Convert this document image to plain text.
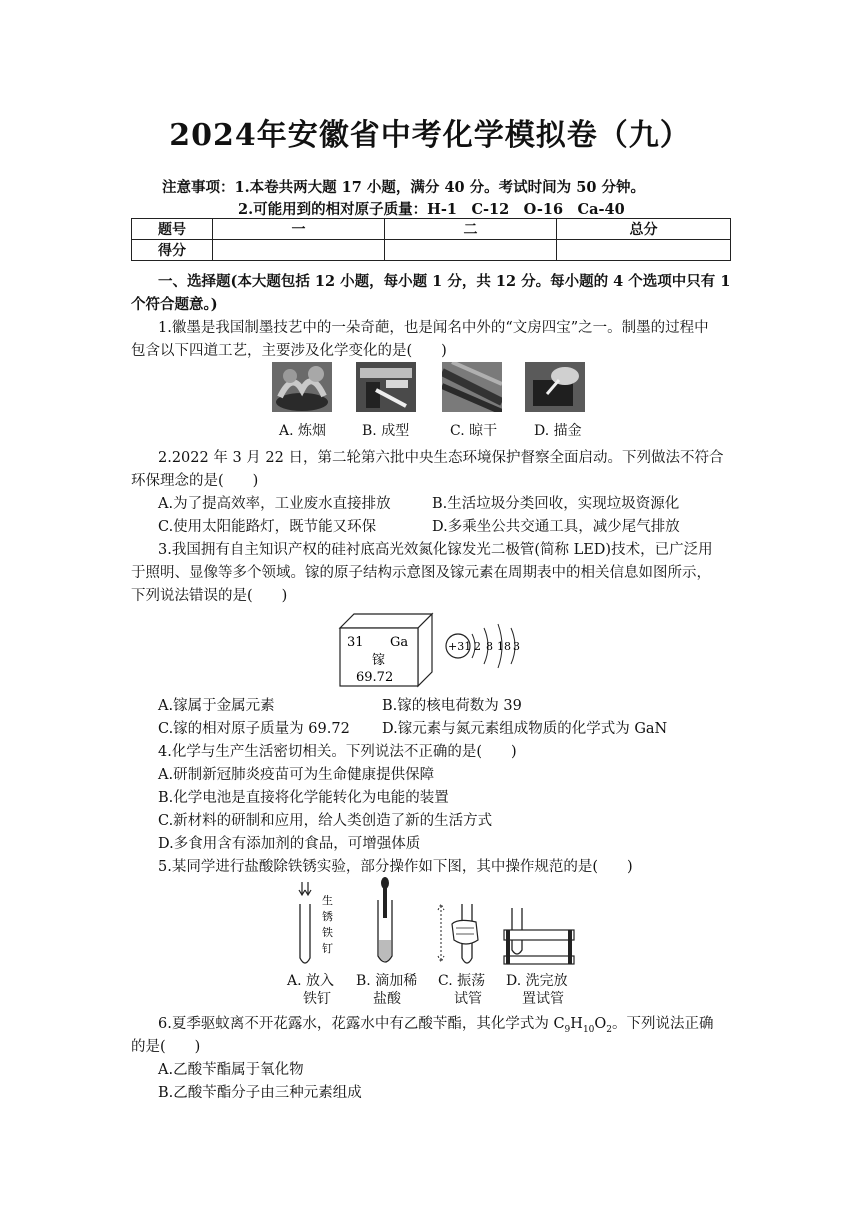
2024年安徽省中考化学模拟卷（九）
注意事项：1.本卷共两大题 17 小题，满分 40 分。考试时间为 50 分钟。
2.可能用到的相对原子质量：H-1　C-12　O-16　Ca-40
题号	一	二	总分
得分			
一、选择题(本大题包括 12 小题，每小题 1 分，共 12 分。每小题的 4 个选项中只有 1
个符合题意。)
1.徽墨是我国制墨技艺中的一朵奇葩，也是闻名中外的“文房四宝”之一。制墨的过程中
包含以下四道工艺，主要涉及化学变化的是(　　)
A. 炼烟	B. 成型	C. 晾干	D. 描金
2.2022 年 3 月 22 日，第二轮第六批中央生态环境保护督察全面启动。下列做法不符合
环保理念的是(　　)
A.为了提高效率，工业废水直接排放	B.生活垃圾分类回收，实现垃圾资源化
C.使用太阳能路灯，既节能又环保	D.多乘坐公共交通工具，减少尾气排放
3.我国拥有自主知识产权的硅衬底高光效氮化镓发光二极管(简称 LED)技术，已广泛用
于照明、显像等多个领域。镓的原子结构示意图及镓元素在周期表中的相关信息如图所示，
下列说法错误的是(　　)
31 Ga
镓
69.72
+31 2 8 18 3
A.镓属于金属元素	B.镓的核电荷数为 39
C.镓的相对原子质量为 69.72 D.镓元素与氮元素组成物质的化学式为 GaN
4.化学与生产生活密切相关。下列说法不正确的是(　　)
A.研制新冠肺炎疫苗可为生命健康提供保障
B.化学电池是直接将化学能转化为电能的装置
C.新材料的研制和应用，给人类创造了新的生活方式
D.多食用含有添加剂的食品，可增强体质
5.某同学进行盐酸除铁锈实验，部分操作如下图，其中操作规范的是(　　)
生
锈
铁
钉
A. 放入
铁钉
B. 滴加稀
盐酸
C. 振荡
试管
D. 洗完放
置试管
6.夏季驱蚊离不开花露水，花露水中有乙酸苄酯，其化学式为 $C_9H_{10}O_2$。下列说法正确
的是(　　)
A.乙酸苄酯属于氧化物
B.乙酸苄酯分子由三种元素组成
